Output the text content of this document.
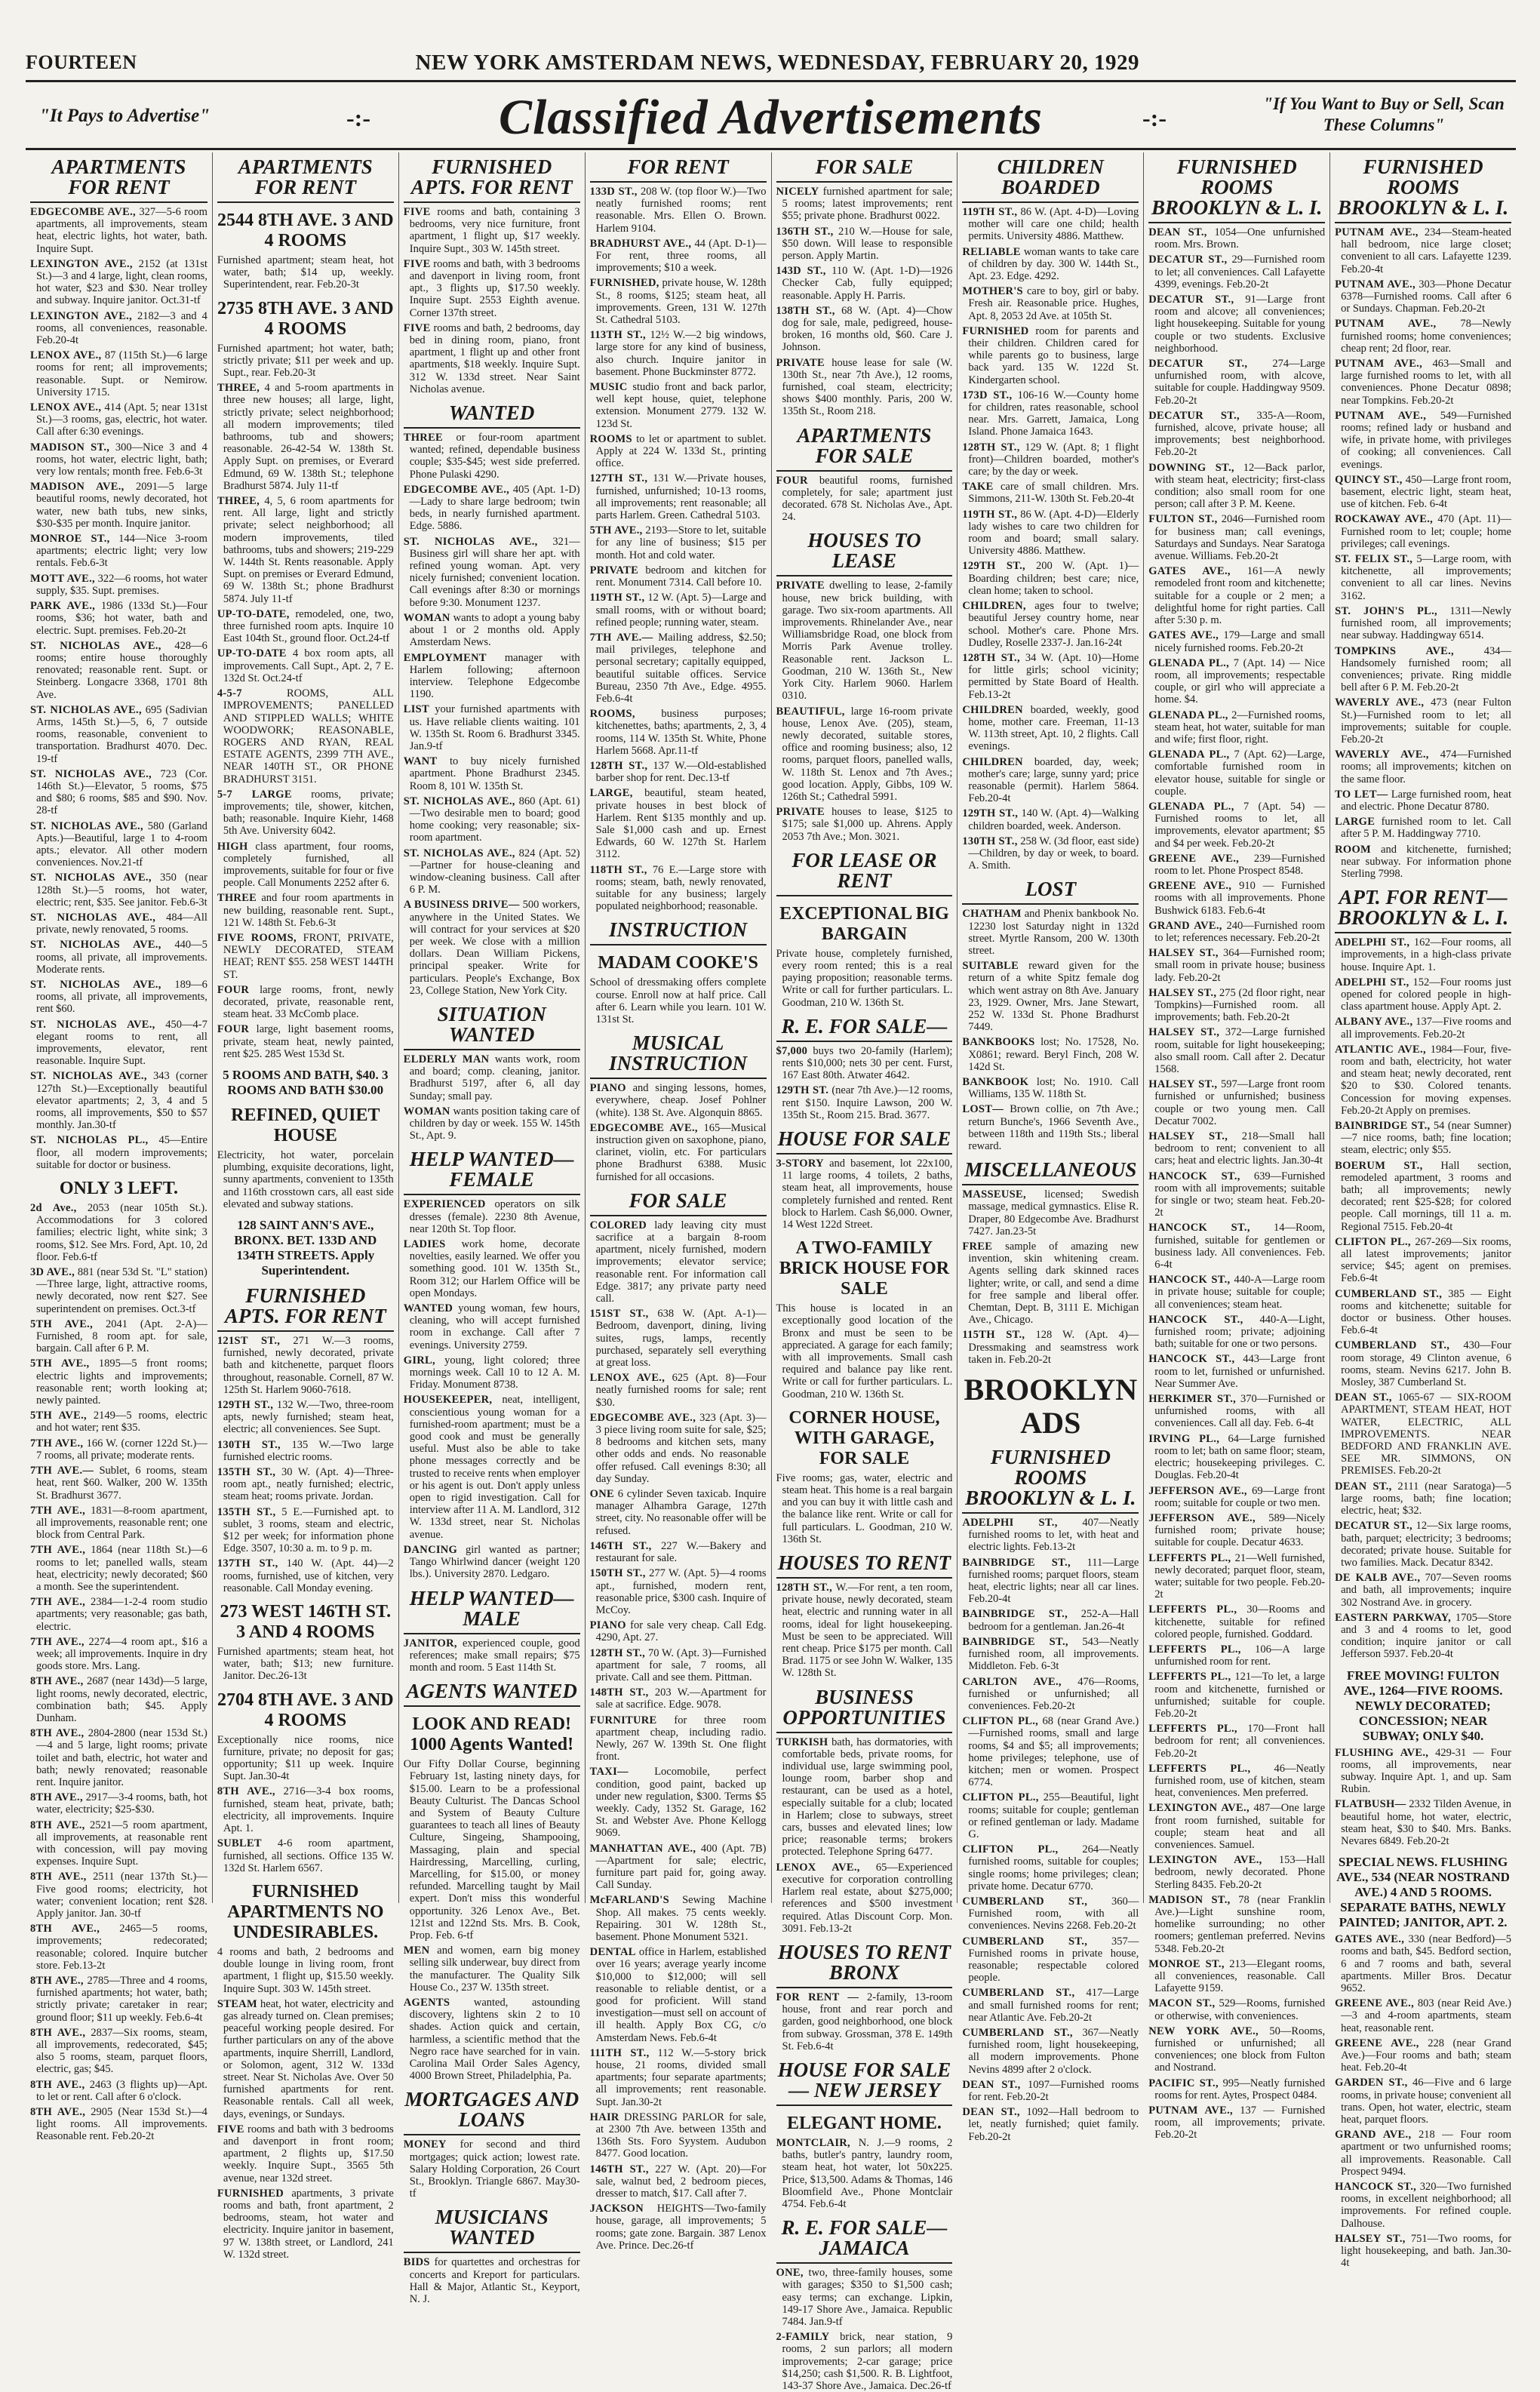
FOURTEEN	NEW YORK AMSTERDAM NEWS, WEDNESDAY, FEBRUARY 20, 1929
"It Pays to Advertise"	-:-	Classified Advertisements	-:-
"If You Want to Buy or Sell, Scan These Columns"
APARTMENTS FOR RENT

EDGECOMBE AVE., 327—5-6 room apartments, all improvements, steam heat, electric lights, hot water, bath. Inquire Supt.

LEXINGTON AVE., 2152 (at 131st St.)—3 and 4 large, light, clean rooms, hot water, $23 and $30. Near trolley and subway. Inquire janitor. Oct.31-tf

LEXINGTON AVE., 2182—3 and 4 rooms, all conveniences, reasonable. Feb.20-4t

LENOX AVE., 87 (115th St.)—6 large rooms for rent; all improvements; reasonable. Supt. or Nemirow. University 1715.

LENOX AVE., 414 (Apt. 5; near 131st St.)—3 rooms, gas, electric, hot water. Call after 6:30 evenings.

MADISON ST., 300—Nice 3 and 4 rooms, hot water, electric light, bath; very low rentals; month free. Feb.6-3t

MADISON AVE., 2091—5 large beautiful rooms, newly decorated, hot water, new bath tubs, new sinks, $30-$35 per month. Inquire janitor.

MONROE ST., 144—Nice 3-room apartments; electric light; very low rentals. Feb.6-3t

MOTT AVE., 322—6 rooms, hot water supply, $35. Supt. premises.

PARK AVE., 1986 (133d St.)—Four rooms, $36; hot water, bath and electric. Supt. premises. Feb.20-2t

ST. NICHOLAS AVE., 428—6 rooms; entire house thoroughly renovated; reasonable rent. Supt. or Steinberg. Longacre 3368, 1701 8th Ave.

ST. NICHOLAS AVE., 695 (Sadivian Arms, 145th St.)—5, 6, 7 outside rooms, reasonable, convenient to transportation. Bradhurst 4070. Dec. 19-tf

ST. NICHOLAS AVE., 723 (Cor. 146th St.)—Elevator, 5 rooms, $75 and $80; 6 rooms, $85 and $90. Nov. 28-tf

ST. NICHOLAS AVE., 580 (Garland Apts.)—Beautiful, large 1 to 4-room apts.; elevator. All other modern conveniences. Nov.21-tf

ST. NICHOLAS AVE., 350 (near 128th St.)—5 rooms, hot water, electric; rent, $35. See janitor. Feb.6-3t

ST. NICHOLAS AVE., 484—All private, newly renovated, 5 rooms.

ST. NICHOLAS AVE., 440—5 rooms, all private, all improvements. Moderate rents.

ST. NICHOLAS AVE., 189—6 rooms, all private, all improvements, rent $60.

ST. NICHOLAS AVE., 450—4-7 elegant rooms to rent, all improvements, elevator, rent reasonable. Inquire Supt.

ST. NICHOLAS AVE., 343 (corner 127th St.)—Exceptionally beautiful elevator apartments; 2, 3, 4 and 5 rooms, all improvements, $50 to $57 monthly. Jan.30-tf

ST. NICHOLAS PL., 45—Entire floor, all modern improvements; suitable for doctor or business.

ONLY 3 LEFT.

2d Ave., 2053 (near 105th St.). Accommodations for 3 colored families; electric light, white sink; 3 rooms, $12. See Mrs. Ford, Apt. 10, 2d floor. Feb.6-tf

3D AVE., 881 (near 53d St. "L" station)—Three large, light, attractive rooms, newly decorated, now rent $27. See superintendent on premises. Oct.3-tf

5TH AVE., 2041 (Apt. 2-A)—Furnished, 8 room apt. for sale, bargain. Call after 6 P. M.

5TH AVE., 1895—5 front rooms; electric lights and improvements; reasonable rent; worth looking at; newly painted.

5TH AVE., 2149—5 rooms, electric and hot water; rent $35.

7TH AVE., 166 W. (corner 122d St.)—7 rooms, all private; moderate rents.

7TH AVE.— Sublet, 6 rooms, steam heat, rent $60. Walker, 200 W. 135th St. Bradhurst 3677.

7TH AVE., 1831—8-room apartment, all improvements, reasonable rent; one block from Central Park.

7TH AVE., 1864 (near 118th St.)—6 rooms to let; panelled walls, steam heat, electricity; newly decorated; $60 a month. See the superintendent.

7TH AVE., 2384—1-2-4 room studio apartments; very reasonable; gas bath, electric.

7TH AVE., 2274—4 room apt., $16 a week; all improvements. Inquire in dry goods store. Mrs. Lang.

8TH AVE., 2687 (near 143d)—5 large, light rooms, newly decorated, electric, combination bath; $45. Apply Dunham.

8TH AVE., 2804-2800 (near 153d St.)—4 and 5 large, light rooms; private toilet and bath, electric, hot water and bath; newly renovated; reasonable rent. Inquire janitor.

8TH AVE., 2917—3-4 rooms, bath, hot water, electricity; $25-$30.

8TH AVE., 2521—5 room apartment, all improvements, at reasonable rent with concession, will pay moving expenses. Inquire Supt.

8TH AVE., 2511 (near 137th St.)—Five good rooms; electricity, hot water; convenient location; rent $28. Apply janitor. Jan. 30-tf

8TH AVE., 2465—5 rooms, improvements; redecorated; reasonable; colored. Inquire butcher store. Feb.13-2t

8TH AVE., 2785—Three and 4 rooms, furnished apartments; hot water, bath; strictly private; caretaker in rear; ground floor; $11 up weekly. Feb.6-4t

8TH AVE., 2837—Six rooms, steam, all improvements, redecorated, $45; also 5 rooms, steam, parquet floors, electric, gas; $45.

8TH AVE., 2463 (3 flights up)—Apt. to let or rent. Call after 6 o'clock.

8TH AVE., 2905 (Near 153d St.)—4 light rooms. All improvements. Reasonable rent. Feb.20-2t

APARTMENTS FOR RENT
2544 8TH AVE. 3 AND 4 ROOMS

Furnished apartment; steam heat, hot water, bath; $14 up, weekly. Superintendent, rear. Feb.20-3t

2735 8TH AVE. 3 AND 4 ROOMS

Furnished apartment; hot water, bath; strictly private; $11 per week and up. Supt., rear. Feb.20-3t

THREE, 4 and 5-room apartments in three new houses; all large, light, strictly private; select neighborhood; all modern improvements; tiled bathrooms, tub and showers; reasonable. 26-42-54 W. 138th St. Apply Supt. on premises, or Everard Edmund, 69 W. 138th St.; telephone Bradhurst 5874. July 11-tf

THREE, 4, 5, 6 room apartments for rent. All large, light and strictly private; select neighborhood; all modern improvements, tiled bathrooms, tubs and showers; 219-229 W. 144th St. Rents reasonable. Apply Supt. on premises or Everard Edmund, 69 W. 138th St.; phone Bradhurst 5874. July 11-tf

UP-TO-DATE, remodeled, one, two, three furnished room apts. Inquire 10 East 104th St., ground floor. Oct.24-tf

UP-TO-DATE 4 box room apts, all improvements. Call Supt., Apt. 2, 7 E. 132d St. Oct.24-tf

4-5-7	ROOMS, ALL IMPROVEMENTS; PANELLED AND STIPPLED WALLS; WHITE WOODWORK; REASONABLE, ROGERS AND RYAN, REAL ESTATE AGENTS, 2399 7TH AVE., NEAR 140TH ST., OR PHONE BRADHURST 3151.

5-7 LARGE rooms, private; improvements; tile, shower, kitchen, bath; reasonable. Inquire Kiehr, 1468 5th Ave. University 6042.

HIGH class apartment, four rooms, completely furnished, all improvements, suitable for four or five people. Call Monuments 2252 after 6.

THREE and four room apartments in new building, reasonable rent. Supt., 121 W. 148th St. Feb.6-3t

FIVE ROOMS, FRONT, PRIVATE, NEWLY DECORATED, STEAM HEAT; RENT $55. 258 WEST 144TH ST.

FOUR large rooms, front, newly decorated, private, reasonable rent, steam heat. 33 McComb place.

FOUR large, light basement rooms, private, steam heat, newly painted, rent $25. 285 West 153d St.

5 ROOMS AND BATH, $40. 3 ROOMS AND BATH $30.00
REFINED, QUIET HOUSE

Electricity, hot water, porcelain plumbing, exquisite decorations, light, sunny apartments, convenient to 135th and 116th crosstown cars, all east side elevated and subway stations.

128 SAINT ANN'S AVE., BRONX. BET. 133D AND 134TH STREETS. Apply Superintendent.
FURNISHED APTS. FOR RENT

121ST ST., 271 W.—3 rooms, furnished, newly decorated, private bath and kitchenette, parquet floors throughout, reasonable. Cornell, 87 W. 125th St. Harlem 9060-7618.

129TH ST., 132 W.—Two, three-room apts, newly furnished; steam heat, electric; all conveniences. See Supt.

130TH ST., 135 W.—Two large furnished electric rooms.

135TH ST., 30 W. (Apt. 4)—Three-room apt., neatly furnished; electric, steam heat; rooms private. Jordan.

135TH ST., 5 E.—Furnished apt. to sublet, 3 rooms, steam and electric, $12 per week; for information phone Edge. 3507, 10:30 a. m. to 9 p. m.

137TH ST., 140 W. (Apt. 44)—2 rooms, furnished, use of kitchen, very reasonable. Call Monday evening.

273 WEST 146TH ST. 3 AND 4 ROOMS

Furnished apartments; steam heat, hot water, bath; $13; new furniture. Janitor. Dec.26-13t

2704 8TH AVE. 3 AND 4 ROOMS

Exceptionally nice rooms, nice furniture, private; no deposit for gas; opportunity; $11 up week. Inquire Supt. Jan.30-4t

8TH AVE., 2716—3-4 box rooms, furnished, steam heat, private, bath; electricity, all improvements. Inquire Apt. 1.

SUBLET 4-6 room apartment, furnished, all sections. Office 135 W. 132d St. Harlem 6567.

FURNISHED APARTMENTS NO UNDESIRABLES.

4 rooms and bath, 2 bedrooms and double lounge in living room, front apartment, 1 flight up, $15.50 weekly. Inquire Supt. 303 W. 145th street.

STEAM heat, hot water, electricity and gas already turned on. Clean premises; peaceful working people desired. For further particulars on any of the above apartments, inquire Sherrill, Landlord, or Solomon, agent, 312 W. 133d street. Near St. Nicholas Ave. Over 50 furnished apartments for rent. Reasonable rentals. Call all week, days, evenings, or Sundays.

FIVE rooms and bath with 3 bedrooms and davenport in front room; apartment, 2 flights up, $17.50 weekly. Inquire Supt., 3565 5th avenue, near 132d street.

FURNISHED apartments, 3 private rooms and bath, front apartment, 2 bedrooms, steam, hot water and electricity. Inquire janitor in basement, 97 W. 138th street, or Landlord, 241 W. 132d street.

FURNISHED APTS. FOR RENT

FIVE rooms and bath, containing 3 bedrooms, very nice furniture, front apartment, 1 flight up, $17 weekly. Inquire Supt., 303 W. 145th street.

FIVE rooms and bath, with 3 bedrooms and davenport in living room, front apt., 3 flights up, $17.50 weekly. Inquire Supt. 2553 Eighth avenue. Corner 137th street.

FIVE rooms and bath, 2 bedrooms, day bed in dining room, piano, front apartment, 1 flight up and other front apartments, $18 weekly. Inquire Supt. 312 W. 133d street. Near Saint Nicholas avenue.

WANTED

THREE or four-room apartment wanted; refined, dependable business couple; $35-$45; west side preferred. Phone Pulaski 4290.

EDGECOMBE AVE., 405 (Apt. 1-D)—Lady to share large bedroom; twin beds, in nearly furnished apartment. Edge. 5886.

ST. NICHOLAS AVE., 321—Business girl will share her apt. with refined young woman. Apt. very nicely furnished; convenient location. Call evenings after 8:30 or mornings before 9:30. Monument 1237.

WOMAN wants to adopt a young baby about 1 or 2 months old. Apply Amsterdam News.

EMPLOYMENT manager with Harlem following; afternoon interview. Telephone Edgecombe 1190.

LIST your furnished apartments with us. Have reliable clients waiting. 101 W. 135th St. Room 6. Bradhurst 3345. Jan.9-tf

WANT to buy nicely furnished apartment. Phone Bradhurst 2345. Room 8, 101 W. 135th St.

ST. NICHOLAS AVE., 860 (Apt. 61)—Two desirable men to board; good home cooking; very reasonable; six-room apartment.

ST. NICHOLAS AVE., 824 (Apt. 52)—Partner for house-cleaning and window-cleaning business. Call after 6 P. M.

A BUSINESS DRIVE— 500 workers, anywhere in the United States. We will contract for your services at $20 per week. We close with a million dollars. Dean William Pickens, principal speaker. Write for particulars. People's Exchange, Box 23, College Station, New York City.

SITUATION WANTED

ELDERLY MAN wants work, room and board; comp. cleaning, janitor. Bradhurst 5197, after 6, all day Sunday; small pay.

WOMAN wants position taking care of children by day or week. 155 W. 145th St., Apt. 9.

HELP WANTED— FEMALE

EXPERIENCED operators on silk dresses (female). 2230 8th Avenue, near 120th St. Top floor.

LADIES work home, decorate novelties, easily learned. We offer you something good. 101 W. 135th St., Room 312; our Harlem Office will be open Mondays.

WANTED young woman, few hours, cleaning, who will accept furnished room in exchange. Call after 7 evenings. University 2759.

GIRL, young, light colored; three mornings week. Call 10 to 12 A. M. Friday. Monument 8738.

HOUSEKEEPER, neat, intelligent, conscientious young woman for a furnished-room apartment; must be a good cook and must be generally useful. Must also be able to take phone messages correctly and be trusted to receive rents when employer or his agent is out. Don't apply unless open to rigid investigation. Call for interview after 11 A. M. Landlord, 312 W. 133d street, near St. Nicholas avenue.

DANCING girl wanted as partner; Tango Whirlwind dancer (weight 120 lbs.). University 2870. Ledgaro.

HELP WANTED— MALE

JANITOR, experienced couple, good references; make small repairs; $75 month and room. 5 East 114th St.

AGENTS WANTED
LOOK AND READ! 1000 Agents Wanted!

Our Fifty Dollar Course, beginning February 1st, lasting ninety days, for $15.00. Learn to be a professional Beauty Culturist. The Dancas School and System of Beauty Culture guarantees to teach all lines of Beauty Culture, Singeing, Shampooing, Massaging, plain and special Hairdressing, Marcelling, curling, Marcelling, for $15.00, or money refunded. Marcelling taught by Mail expert. Don't miss this wonderful opportunity. 326 Lenox Ave., Bet. 121st and 122nd Sts. Mrs. B. Cook, Prop. Feb. 6-tf

MEN and women, earn big money selling silk underwear, buy direct from the manufacturer. The Quality Silk House Co., 237 W. 135th street.

AGENTS wanted, astounding discovery, lightens skin 2 to 10 shades. Action quick and certain, harmless, a scientific method that the Negro race have searched for in vain. Carolina Mail Order Sales Agency, 4000 Brown Street, Philadelphia, Pa.

MORTGAGES AND LOANS

MONEY for second and third mortgages; quick action; lowest rate. Salary Holding Corporation, 26 Court St., Brooklyn. Triangle 6867. May30-tf

MUSICIANS WANTED

BIDS for quartettes and orchestras for concerts and Kreport for particulars. Hall & Major, Atlantic St., Keyport, N. J.

FOR RENT

133D ST., 208 W. (top floor W.)—Two neatly furnished rooms; rent reasonable. Mrs. Ellen O. Brown. Harlem 9104.

BRADHURST AVE., 44 (Apt. D-1)—For rent, three rooms, all improvements; $10 a week.

FURNISHED, private house, W. 128th St., 8 rooms, $125; steam heat, all improvements. Green, 131 W. 127th St. Cathedral 5103.

113TH ST., 12½ W.—2 big windows, large store for any kind of business, also church. Inquire janitor in basement. Phone Buckminster 8772.

MUSIC studio front and back parlor, well kept house, quiet, telephone extension. Monument 2779. 132 W. 123d St.

ROOMS to let or apartment to sublet. Apply at 224 W. 133d St., printing office.

127TH ST., 131 W.—Private houses, furnished, unfurnished; 10-13 rooms, all improvements; rent reasonable; all parts Harlem. Green. Cathedral 5103.

5TH AVE., 2193—Store to let, suitable for any line of business; $15 per month. Hot and cold water.

PRIVATE bedroom and kitchen for rent. Monument 7314. Call before 10.

119TH ST., 12 W. (Apt. 5)—Large and small rooms, with or without board; refined people; running water, steam.

7TH AVE.— Mailing address, $2.50; mail privileges, telephone and personal secretary; capitally equipped, beautiful suitable offices. Service Bureau, 2350 7th Ave., Edge. 4955. Feb.6-4t

ROOMS, business purposes; kitchenettes, baths; apartments, 2, 3, 4 rooms, 114 W. 135th St. White, Phone Harlem 5668. Apr.11-tf

128TH ST., 137 W.—Old-established barber shop for rent. Dec.13-tf

LARGE, beautiful, steam heated, private houses in best block of Harlem. Rent $135 monthly and up. Sale $1,000 cash and up. Ernest Edwards, 60 W. 127th St. Harlem 3112.

118TH ST., 76 E.—Large store with rooms; steam, bath, newly renovated, suitable for any business; largely populated neighborhood; reasonable.

INSTRUCTION
MADAM COOKE'S

School of dressmaking offers complete course. Enroll now at half price. Call after 6. Learn while you learn. 101 W. 131st St.

MUSICAL INSTRUCTION

PIANO and singing lessons, homes, everywhere, cheap. Josef Pohlner (white). 138 St. Ave. Algonquin 8865.

EDGECOMBE AVE., 165—Musical instruction given on saxophone, piano, clarinet, violin, etc. For particulars phone Bradhurst 6388. Music furnished for all occasions.

FOR SALE

COLORED lady leaving city must sacrifice at a bargain 8-room apartment, nicely furnished, modern improvements; elevator service; reasonable rent. For information call Edge. 3817; any private party need call.

151ST ST., 638 W. (Apt. A-1)—Bedroom, davenport, dining, living suites, rugs, lamps, recently purchased, separately sell everything at great loss.

LENOX AVE., 625 (Apt. 8)—Four neatly furnished rooms for sale; rent $30.

EDGECOMBE AVE., 323 (Apt. 3)—3 piece living room suite for sale, $25; 8 bedrooms and kitchen sets, many other odds and ends. No reasonable offer refused. Call evenings 8:30; all day Sunday.

ONE 6 cylinder Seven taxicab. Inquire manager Alhambra Garage, 127th street, city. No reasonable offer will be refused.

146TH ST., 227 W.—Bakery and restaurant for sale.

150TH ST., 277 W. (Apt. 5)—4 rooms apt., furnished, modern rent, reasonable price, $300 cash. Inquire of McCoy.

PIANO for sale very cheap. Call Edg. 4290, Apt. 27.

128TH ST., 70 W. (Apt. 3)—Furnished apartment for sale, 7 rooms, all private. Call and see them. Pittman.

148TH ST., 203 W.—Apartment for sale at sacrifice. Edge. 9078.

FURNITURE for three room apartment cheap, including radio. Newly, 267 W. 139th St. One flight front.

TAXI— Locomobile, perfect condition, good paint, backed up under new regulation, $300. Terms $5 weekly. Cady, 1352 St. Garage, 162 St. and Webster Ave. Phone Kellogg 9069.

MANHATTAN AVE., 400 (Apt. 7B)—Apartment for sale; electric, furniture part paid for, going away. Call Sunday.

McFARLAND'S Sewing Machine Shop. All makes. 75 cents weekly. Repairing. 301 W. 128th St., basement. Phone Monument 5321.

DENTAL office in Harlem, established over 16 years; average yearly income $10,000 to $12,000; will sell reasonable to reliable dentist, or a good for proficient. Will stand investigation—must sell on account of ill health. Apply Box CG, c/o Amsterdam News. Feb.6-4t

111TH ST., 112 W.—5-story brick house, 21 rooms, divided small apartments; four separate apartments; all improvements; rent reasonable. Supt. Jan.30-2t

HAIR DRESSING PARLOR for sale, at 2300 7th Ave. between 135th and 136th Sts. Foro Syystem. Audubon 8477. Good location.

146TH ST., 227 W. (Apt. 20)—For sale, walnut bed, 2 bedroom pieces, dresser to match, $17. Call after 7.

JACKSON HEIGHTS—Two-family house, garage, all improvements; 5 rooms; gate zone. Bargain. 387 Lenox Ave. Prince. Dec.26-tf

FOR SALE

NICELY furnished apartment for sale; 5 rooms; latest improvements; rent $55; private phone. Bradhurst 0022.

136TH ST., 210 W.—House for sale, $50 down. Will lease to responsible person. Apply Martin.

143D ST., 110 W. (Apt. 1-D)—1926 Checker Cab, fully equipped; reasonable. Apply H. Parris.

138TH ST., 68 W. (Apt. 4)—Chow dog for sale, male, pedigreed, house-broken, 16 months old, $60. Care J. Johnson.

PRIVATE house lease for sale (W. 130th St., near 7th Ave.), 12 rooms, furnished, coal steam, electricity; shows $400 monthly. Paris, 200 W. 135th St., Room 218.

APARTMENTS FOR SALE

FOUR beautiful rooms, furnished completely, for sale; apartment just decorated. 678 St. Nicholas Ave., Apt. 24.

HOUSES TO LEASE

PRIVATE dwelling to lease, 2-family house, new brick building, with garage. Two six-room apartments. All improvements. Rhinelander Ave., near Williamsbridge Road, one block from Morris Park Avenue trolley. Reasonable rent. Jackson L. Goodman, 210 W. 136th St., New York City. Harlem 9060. Harlem 0310.

BEAUTIFUL, large 16-room private house, Lenox Ave. (205), steam, newly decorated, suitable stores, office and rooming business; also, 12 rooms, parquet floors, panelled walls, W. 118th St. Lenox and 7th Aves.; good location. Apply, Gibbs, 109 W. 126th St.; Cathedral 5991.

PRIVATE houses to lease, $125 to $175; sale $1,000 up. Ahrens. Apply 2053 7th Ave.; Mon. 3021.

FOR LEASE OR RENT
EXCEPTIONAL BIG BARGAIN

Private house, completely furnished, every room rented; this is a real paying proposition; reasonable terms. Write or call for further particulars. L. Goodman, 210 W. 136th St.

R. E. FOR SALE—

$7,000 buys two 20-family (Harlem); rents $10,000; nets 30 per cent. Furst, 167 East 80th. Atwater 4642.

129TH ST. (near 7th Ave.)—12 rooms, rent $150. Inquire Lawson, 200 W. 135th St., Room 215. Brad. 3677.

HOUSE FOR SALE

3-STORY and basement, lot 22x100, 11 large rooms, 4 toilets, 2 baths, steam heat, all improvements, house completely furnished and rented. Rent block to Harlem. Cash $6,000. Owner, 14 West 122d Street.

A TWO-FAMILY BRICK HOUSE FOR SALE

This house is located in an exceptionally good location of the Bronx and must be seen to be appreciated. A garage for each family; with all improvements. Small cash required and balance pay like rent. Write or call for further particulars. L. Goodman, 210 W. 136th St.

CORNER HOUSE, WITH GARAGE, FOR SALE

Five rooms; gas, water, electric and steam heat. This home is a real bargain and you can buy it with little cash and the balance like rent. Write or call for full particulars. L. Goodman, 210 W. 136th St.

HOUSES TO RENT

128TH ST., W.—For rent, a ten room, private house, newly decorated, steam heat, electric and running water in all rooms, ideal for light housekeeping. Must be seen to be appreciated. Will rent cheap. Price $175 per month. Call Brad. 1175 or see John W. Walker, 135 W. 128th St.

BUSINESS OPPORTUNITIES

TURKISH bath, has dormatories, with comfortable beds, private rooms, for individual use, large swimming pool, lounge room, barber shop and restaurant, can be used as a hotel, especially suitable for a club; located in Harlem; close to subways, street cars, busses and elevated lines; low price; reasonable terms; brokers protected. Telephone Spring 6477.

LENOX AVE., 65—Experienced executive for corporation controlling Harlem real estate, about $275,000; references and $500 investment required. Atlas Discount Corp. Mon. 3091. Feb.13-2t

HOUSES TO RENT BRONX

FOR RENT — 2-family, 13-room house, front and rear porch and garden, good neighborhood, one block from subway. Grossman, 378 E. 149th St. Feb.6-4t

HOUSE FOR SALE— NEW JERSEY
ELEGANT HOME.

MONTCLAIR, N. J.—9 rooms, 2 baths, butler's pantry, laundry room, steam heat, hot water, lot 50x225. Price, $13,500. Adams & Thomas, 146 Bloomfield Ave., Phone Montclair 4754. Feb.6-4t

R. E. FOR SALE— JAMAICA

ONE, two, three-family houses, some with garages; $350 to $1,500 cash; easy terms; can exchange. Lipkin, 149-17 Shore Ave., Jamaica. Republic 7484. Jan.9-tf

2-FAMILY brick, near station, 9 rooms, 2 sun parlors; all modern improvements; 2-car garage; price $14,250; cash $1,500. R. B. Lightfoot, 143-37 Shore Ave., Jamaica. Dec.26-tf

CHILDREN BOARDED

119TH ST., 86 W. (Apt. 4-D)—Loving mother will care one child; health permits. University 4886. Matthew.

RELIABLE woman wants to take care of children by day. 300 W. 144th St., Apt. 23. Edge. 4292.

MOTHER'S care to boy, girl or baby. Fresh air. Reasonable price. Hughes, Apt. 8, 2053 2d Ave. at 105th St.

FURNISHED room for parents and their children. Children cared for while parents go to business, large back yard. 135 W. 122d St. Kindergarten school.

173D ST., 106-16 W.—County home for children, rates reasonable, school near. Mrs. Garrett, Jamaica, Long Island. Phone Jamaica 1643.

128TH ST., 129 W. (Apt. 8; 1 flight front)—Children boarded, mother's care; by the day or week.

TAKE care of small children. Mrs. Simmons, 211-W. 130th St. Feb.20-4t

119TH ST., 86 W. (Apt. 4-D)—Elderly lady wishes to care two children for room and board; small salary. University 4886. Matthew.

129TH ST., 200 W. (Apt. 1)—Boarding children; best care; nice, clean home; taken to school.

CHILDREN, ages four to twelve; beautiful Jersey country home, near school. Mother's care. Phone Mrs. Dudley, Roselle 2337-J. Jan.16-24t

128TH ST., 34 W. (Apt. 10)—Home for little girls; school vicinity; permitted by State Board of Health. Feb.13-2t

CHILDREN boarded, weekly, good home, mother care. Freeman, 11-13 W. 113th street, Apt. 10, 2 flights. Call evenings.

CHILDREN boarded, day, week; mother's care; large, sunny yard; price reasonable (permit). Harlem 5864. Feb.20-4t

129TH ST., 140 W. (Apt. 4)—Walking children boarded, week. Anderson.

130TH ST., 258 W. (3d floor, east side)—Children, by day or week, to board. A. Smith.

LOST

CHATHAM and Phenix bankbook No. 12230 lost Saturday night in 132d street. Myrtle Ransom, 200 W. 130th street.

SUITABLE reward given for the return of a white Spitz female dog which went astray on 8th Ave. January 23, 1929. Owner, Mrs. Jane Stewart, 252 W. 133d St. Phone Bradhurst 7449.

BANKBOOKS lost; No. 17528, No. X0861; reward. Beryl Finch, 208 W. 142d St.

BANKBOOK lost; No. 1910. Call Williams, 135 W. 118th St.

LOST— Brown collie, on 7th Ave.; return Bunche's, 1966 Seventh Ave., between 118th and 119th Sts.; liberal reward.

MISCELLANEOUS

MASSEUSE, licensed; Swedish massage, medical gymnastics. Elise R. Draper, 80 Edgecombe Ave. Bradhurst 7427. Jan.23-5t

FREE sample of amazing new invention, skin whitening cream. Agents selling dark skinned races lighter; write, or call, and send a dime for free sample and liberal offer. Chemtan, Dept. B, 3111 E. Michigan Ave., Chicago.

115TH ST., 128 W. (Apt. 4)—Dressmaking and seamstress work taken in. Feb.20-2t

BROOKLYN ADS
FURNISHED ROOMS BROOKLYN & L. I.

ADELPHI ST., 407—Neatly furnished rooms to let, with heat and electric lights. Feb.13-2t

BAINBRIDGE ST., 111—Large furnished rooms; parquet floors, steam heat, electric lights; near all car lines. Feb.20-4t

BAINBRIDGE ST., 252-A—Hall bedroom for a gentleman. Jan.26-4t

BAINBRIDGE ST., 543—Neatly furnished room, all improvements. Middleton. Feb. 6-3t

CARLTON AVE., 476—Rooms, furnished or unfurnished; all conveniences. Feb.20-2t

CLIFTON PL., 68 (near Grand Ave.)—Furnished rooms, small and large rooms, $4 and $5; all improvements; home privileges; telephone, use of kitchen; men or women. Prospect 6774.

CLIFTON PL., 255—Beautiful, light rooms; suitable for couple; gentleman or refined gentleman or lady. Madame G.

CLIFTON PL., 264—Neatly furnished rooms, suitable for couples; single rooms; home privileges; clean; private home. Decatur 6770.

CUMBERLAND ST., 360—Furnished room, with all conveniences. Nevins 2268. Feb.20-2t

CUMBERLAND ST., 357—Furnished rooms in private house, reasonable; respectable colored people.

CUMBERLAND ST., 417—Large and small furnished rooms for rent; near Atlantic Ave. Feb.20-2t

CUMBERLAND ST., 367—Neatly furnished room, light housekeeping, all modern improvements. Phone Nevins 4899 after 2 o'clock.

DEAN ST., 1097—Furnished rooms for rent. Feb.20-2t

DEAN ST., 1092—Hall bedroom to let, neatly furnished; quiet family. Feb.20-2t

FURNISHED ROOMS BROOKLYN & L. I.

DEAN ST., 1054—One unfurnished room. Mrs. Brown.

DECATUR ST., 29—Furnished room to let; all conveniences. Call Lafayette 4399, evenings. Feb.20-2t

DECATUR ST., 91—Large front room and alcove; all conveniences; light housekeeping. Suitable for young couple or two students. Exclusive neighborhood.

DECATUR ST., 274—Large unfurnished room, with alcove, suitable for couple. Haddingway 9509. Feb.20-2t

DECATUR ST., 335-A—Room, furnished, alcove, private house; all improvements; best neighborhood. Feb.20-2t

DOWNING ST., 12—Back parlor, with steam heat, electricity; first-class condition; also small room for one person; call after 3 P. M. Keene.

FULTON ST., 2046—Furnished room for business man; call evenings, Saturdays and Sundays. Near Saratoga avenue. Williams. Feb.20-2t

GATES AVE., 161—A newly remodeled front room and kitchenette; suitable for a couple or 2 men; a delightful home for right parties. Call after 5:30 p. m.

GATES AVE., 179—Large and small nicely furnished rooms. Feb.20-2t

GLENADA PL., 7 (Apt. 14) — Nice room, all improvements; respectable couple, or girl who will appreciate a home. $4.

GLENADA PL., 2—Furnished rooms, steam heat, hot water, suitable for man and wife; first floor, right.

GLENADA PL., 7 (Apt. 62)—Large, comfortable furnished room in elevator house, suitable for single or couple.

GLENADA PL., 7 (Apt. 54) — Furnished rooms to let, all improvements, elevator apartment; $5 and $4 per week. Feb.20-2t

GREENE AVE., 239—Furnished room to let. Phone Prospect 8548.

GREENE AVE., 910 — Furnished rooms with all improvements. Phone Bushwick 6183. Feb.6-4t

GRAND AVE., 240—Furnished room to let; references necessary. Feb.20-2t

HALSEY ST., 364—Furnished room; small room in private house; business lady. Feb.20-2t

HALSEY ST., 275 (2d floor right, near Tompkins)—Furnished room. all improvements; bath. Feb.20-2t

HALSEY ST., 372—Large furnished room, suitable for light housekeeping; also small room. Call after 2. Decatur 1568.

HALSEY ST., 597—Large front room furnished or unfurnished; business couple or two young men. Call Decatur 7002.

HALSEY ST., 218—Small hall bedroom to rent; convenient to all cars; heat and electric lights. Jan.30-4t

HANCOCK ST., 639—Furnished room with all improvements; suitable for single or two; steam heat. Feb.20-2t

HANCOCK ST., 14—Room, furnished, suitable for gentlemen or business lady. All conveniences. Feb. 6-4t

HANCOCK ST., 440-A—Large room in private house; suitable for couple; all conveniences; steam heat.

HANCOCK ST., 440-A—Light, furnished room; private; adjoining bath; suitable for one or two persons.

HANCOCK ST., 443—Large front room to let, furnished or unfurnished. Near Summer Ave.

HERKIMER ST., 370—Furnished or unfurnished rooms, with all conveniences. Call all day. Feb. 6-4t

IRVING PL., 64—Large furnished room to let; bath on same floor; steam, electric; housekeeping privileges. C. Douglas. Feb.20-4t

JEFFERSON AVE., 69—Large front room; suitable for couple or two men.

JEFFERSON AVE., 589—Nicely furnished room; private house; suitable for couple. Decatur 4633.

LEFFERTS PL., 21—Well furnished, newly decorated; parquet floor, steam, water; suitable for two people. Feb.20-2t

LEFFERTS PL., 30—Rooms and kitchenette, suitable for refined colored people, furnished. Goddard.

LEFFERTS PL., 106—A large unfurnished room for rent.

LEFFERTS PL., 121—To let, a large room and kitchenette, furnished or unfurnished; suitable for couple. Feb.20-2t

LEFFERTS PL., 170—Front hall bedroom for rent; all conveniences. Feb.20-2t

LEFFERTS PL., 46—Neatly furnished room, use of kitchen, steam heat, conveniences. Men preferred.

LEXINGTON AVE., 487—One large front room furnished, suitable for couple; steam heat and all conveniences. Samuel.

LEXINGTON AVE., 153—Hall bedroom, newly decorated. Phone Sterling 8435. Feb.20-2t

MADISON ST., 78 (near Franklin Ave.)—Light sunshine room, homelike surrounding; no other roomers; gentleman preferred. Nevins 5348. Feb.20-2t

MONROE ST., 213—Elegant rooms, all conveniences, reasonable. Call Lafayette 9159.

MACON ST., 529—Rooms, furnished or otherwise, with conveniences.

NEW YORK AVE., 50—Rooms, furnished or unfurnished; all conveniences; one block from Fulton and Nostrand.

PACIFIC ST., 995—Neatly furnished rooms for rent. Aytes, Prospect 0484.

PUTNAM AVE., 137 — Furnished room, all improvements; private. Feb.20-2t

FURNISHED ROOMS BROOKLYN & L. I.

PUTNAM AVE., 234—Steam-heated hall bedroom, nice large closet; convenient to all cars. Lafayette 1239. Feb.20-4t

PUTNAM AVE., 303—Phone Decatur 6378—Furnished rooms. Call after 6 or Sundays. Chapman. Feb.20-2t

PUTNAM AVE., 78—Newly furnished rooms; home conveniences; cheap rent; 2d floor, rear.

PUTNAM AVE., 463—Small and large furnished rooms to let, with all conveniences. Phone Decatur 0898; near Tompkins. Feb.20-2t

PUTNAM AVE., 549—Furnished rooms; refined lady or husband and wife, in private home, with privileges of cooking; all conveniences. Call evenings.

QUINCY ST., 450—Large front room, basement, electric light, steam heat, use of kitchen. Feb. 6-4t

ROCKAWAY AVE., 470 (Apt. 11)—Furnished room to let; couple; home privileges; call evenings.

ST. FELIX ST., 5—Large room, with kitchenette, all improvements; convenient to all car lines. Nevins 3162.

ST. JOHN'S PL., 1311—Newly furnished room, all improvements; near subway. Haddingway 6514.

TOMPKINS AVE.,	434—Handsomely furnished room; all conveniences; private. Ring middle bell after 6 P. M. Feb.20-2t

WAVERLY AVE., 473 (near Fulton St.)—Furnished room to let; all improvements; suitable for couple. Feb.20-2t

WAVERLY AVE., 474—Furnished rooms; all improvements; kitchen on the same floor.

TO LET— Large furnished room, heat and electric. Phone Decatur 8780.

LARGE furnished room to let. Call after 5 P. M. Haddingway 7710.

ROOM and kitchenette, furnished; near subway. For information phone Sterling 7998.

APT. FOR RENT— BROOKLYN & L. I.

ADELPHI ST., 162—Four rooms, all improvements, in a high-class private house. Inquire Apt. 1.

ADELPHI ST., 152—Four rooms just opened for colored people in high-class apartment house. Apply Apt. 2.

ALBANY AVE., 137—Five rooms and all improvements. Feb.20-2t

ATLANTIC AVE., 1984—Four, five-room and bath, electricity, hot water and steam heat; newly decorated, rent $20 to $30. Colored tenants. Concession for moving expenses. Feb.20-2t Apply on premises.

BAINBRIDGE ST., 54 (near Sumner)—7 nice rooms, bath; fine location; steam, electric; only $55.

BOERUM ST., Hall section, remodeled apartment, 3 rooms and bath; all improvements; newly decorated; rent $25-$28; for colored people. Call mornings, till 11 a. m. Regional 7515. Feb.20-4t

CLIFTON PL., 267-269—Six rooms, all latest improvements; janitor service; $45; agent on premises. Feb.6-4t

CUMBERLAND ST., 385 — Eight rooms and kitchenette; suitable for doctor or business. Other houses. Feb.6-4t

CUMBERLAND ST., 430—Four room storage, 49 Clinton avenue, 6 rooms, steam. Nevins 6217. John B. Mosley, 387 Cumberland St.

DEAN ST., 1065-67 — SIX-ROOM APARTMENT, STEAM HEAT, HOT WATER, ELECTRIC, ALL IMPROVEMENTS. NEAR BEDFORD AND FRANKLIN AVE. SEE MR. SIMMONS, ON PREMISES. Feb.20-2t

DEAN ST., 2111 (near Saratoga)—5 large rooms, bath; fine location; electric, heat; $32.

DECATUR ST., 12—Six large rooms, bath, parquet; electricity; 3 bedrooms; decorated; private house. Suitable for two families. Mack. Decatur 8342.

DE KALB AVE., 707—Seven rooms and bath, all improvements; inquire 302 Nostrand Ave. in grocery.

EASTERN PARKWAY, 1705—Store and 3 and 4 rooms to let, good condition; inquire janitor or call Jefferson 5937. Feb.20-4t

FREE MOVING! FULTON AVE., 1264—FIVE ROOMS. NEWLY DECORATED; CONCESSION; NEAR SUBWAY; ONLY $40.

FLUSHING AVE., 429-31 — Four rooms, all improvements, near subway. Inquire Apt. 1, and up. Sam Rubin.

FLATBUSH— 2332 Tilden Avenue, in beautiful home, hot water, electric, steam heat, $30 to $40. Mrs. Banks. Nevares 6849. Feb.20-2t

SPECIAL NEWS. FLUSHING AVE., 534 (NEAR NOSTRAND AVE.) 4 AND 5 ROOMS. SEPARATE BATHS, NEWLY PAINTED; JANITOR, APT. 2.

GATES AVE., 330 (near Bedford)—5 rooms and bath, $45. Bedford section, 6 and 7 rooms and bath, several apartments. Miller Bros. Decatur 9652.

GREENE AVE., 803 (near Reid Ave.)—3 and 4-room apartments, steam heat, reasonable rent.

GREENE AVE., 228 (near Grand Ave.)—Four rooms and bath; steam heat. Feb.20-4t

GARDEN ST., 46—Five and 6 large rooms, in private house; convenient all trans. Open, hot water, electric, steam heat, parquet floors.

GRAND AVE., 218 — Four room apartment or two unfurnished rooms; all improvements. Reasonable. Call Prospect 9494.

HANCOCK ST., 320—Two furnished rooms, in excellent neighborhood; all improvements. For refined couple. Dalhouse.

HALSEY ST., 751—Two rooms, for light housekeeping, and bath. Jan.30-4t
